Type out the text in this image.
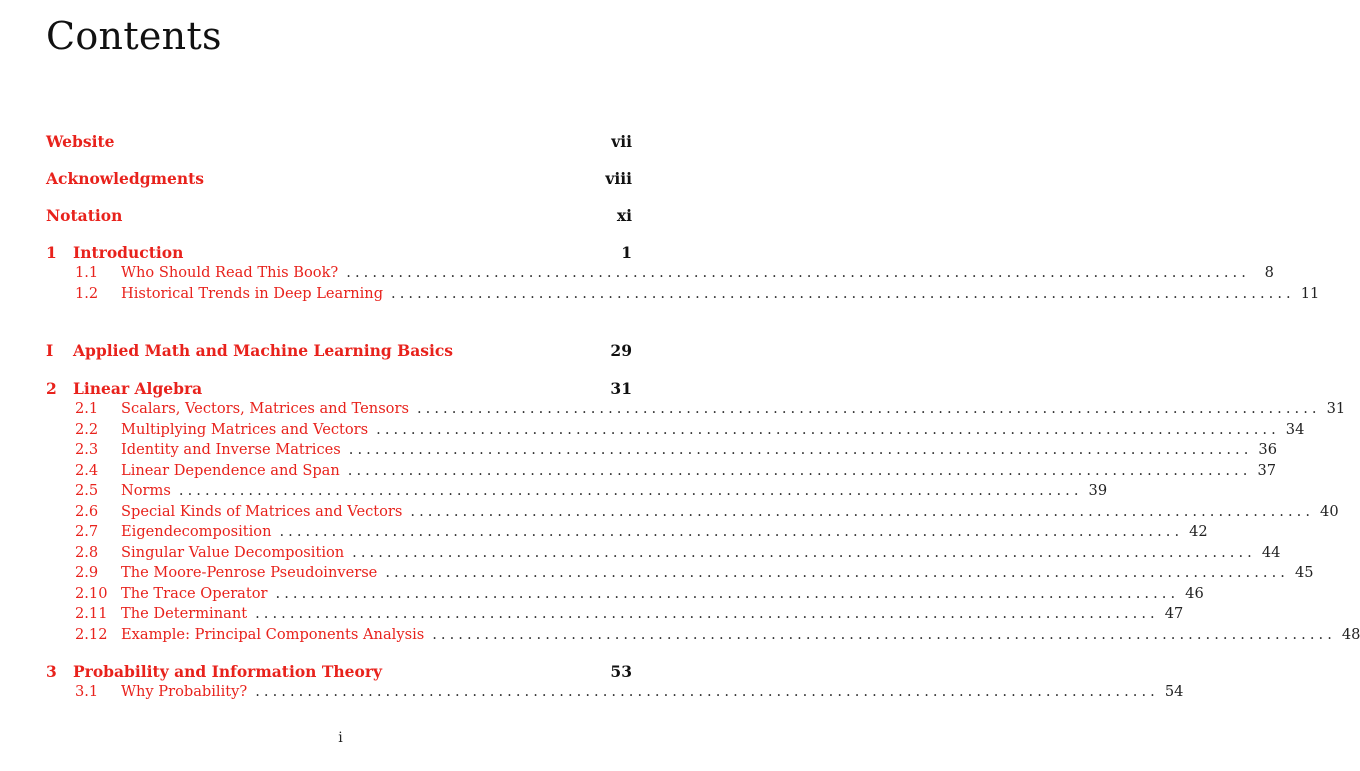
Contents
Website	vii
Acknowledgments	viii
Notation	xi
1	Introduction	1
1.1	Who Should Read This Book? ........................................................................................................	8
1.2	Historical Trends in Deep Learning ........................................................................................................ 11
I	Applied Math and Machine Learning Basics	29
2	Linear Algebra	31
2.1	Scalars, Vectors, Matrices and Tensors ........................................................................................................ 31
2.2	Multiplying Matrices and Vectors ........................................................................................................ 34
2.3	Identity and Inverse Matrices ........................................................................................................ 36
2.4	Linear Dependence and Span ........................................................................................................ 37
2.5	Norms ........................................................................................................ 39
2.6	Special Kinds of Matrices and Vectors ........................................................................................................ 40
2.7	Eigendecomposition ........................................................................................................ 42
2.8	Singular Value Decomposition ........................................................................................................ 44
2.9	The Moore-Penrose Pseudoinverse ........................................................................................................ 45
2.10 The Trace Operator ........................................................................................................ 46
2.11 The Determinant ........................................................................................................ 47
2.12 Example: Principal Components Analysis ........................................................................................................ 48
3	Probability and Information Theory	53
3.1	Why Probability? ........................................................................................................ 54
i
